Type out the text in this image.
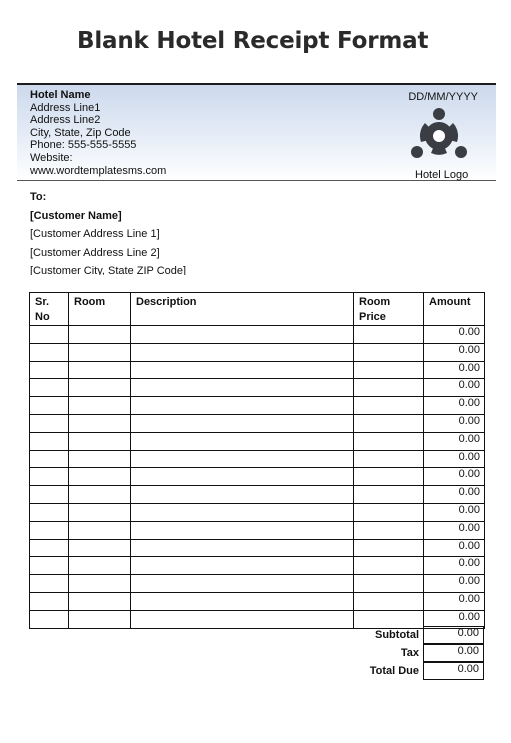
Blank Hotel Receipt Format
Hotel Name
Address Line1
Address Line2
City, State, Zip Code
Phone: 555-555-5555
Website:
www.wordtemplatesms.com
DD/MM/YYYY
Hotel Logo
To:
[Customer Name]
[Customer Address Line 1]
[Customer Address Line 2]
[Customer City, State ZIP Code]
Sr. No	Room	Description	Room Price	Amount
				0.00
				0.00
				0.00
				0.00
				0.00
				0.00
				0.00
				0.00
				0.00
				0.00
				0.00
				0.00
				0.00
				0.00
				0.00
				0.00
				0.00
Subtotal	0.00
Tax	0.00
Total Due	0.00
